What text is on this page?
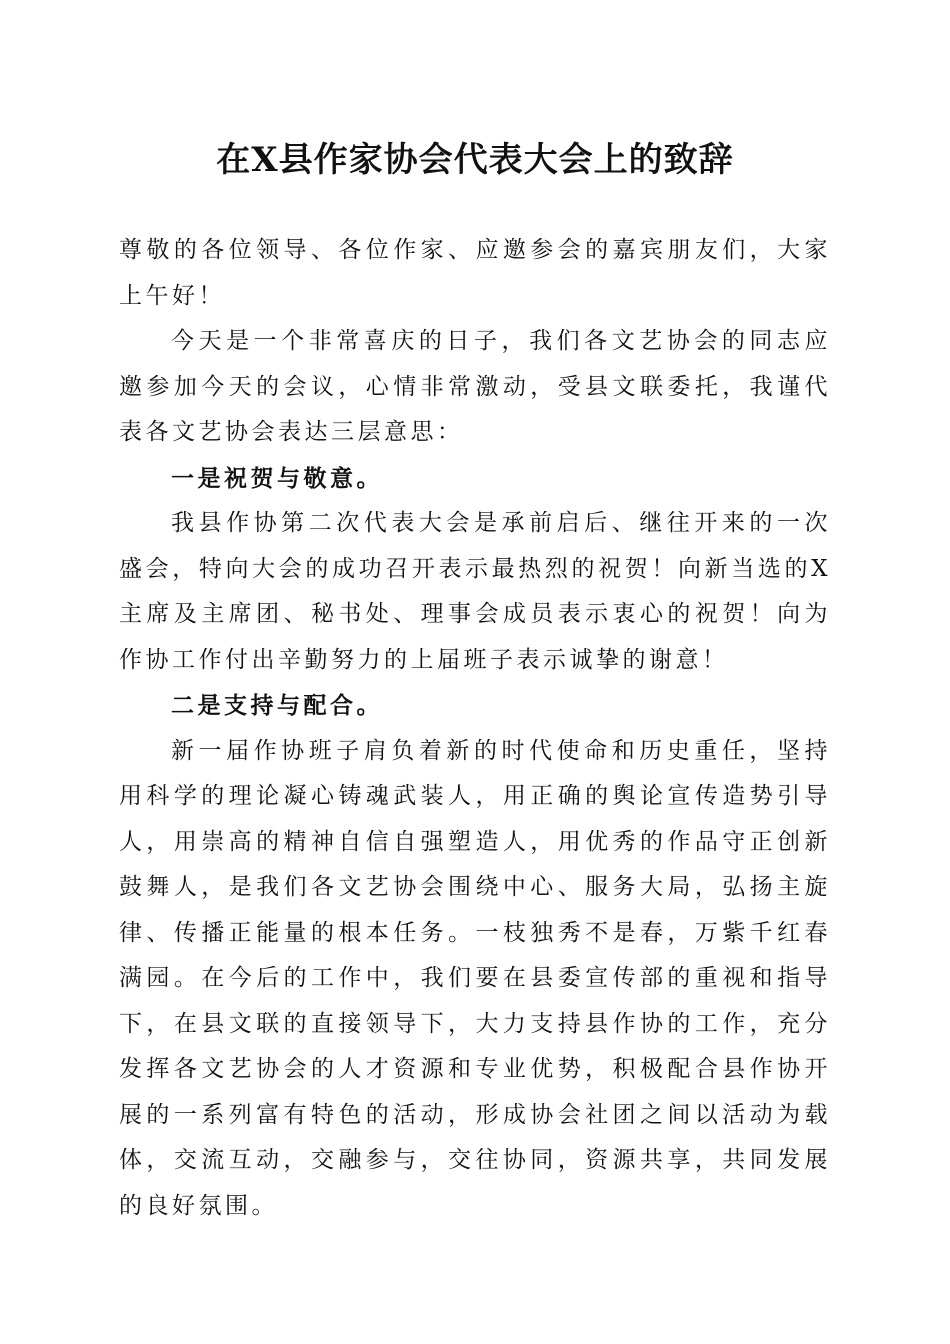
在X县作家协会代表大会上的致辞

尊敬的各位领导、各位作家、应邀参会的嘉宾朋友们，大家上午好！

今天是一个非常喜庆的日子，我们各文艺协会的同志应邀参加今天的会议，心情非常激动，受县文联委托，我谨代表各文艺协会表达三层意思：

一是祝贺与敬意。

我县作协第二次代表大会是承前启后、继往开来的一次盛会，特向大会的成功召开表示最热烈的祝贺！向新当选的X主席及主席团、秘书处、理事会成员表示衷心的祝贺！向为作协工作付出辛勤努力的上届班子表示诚挚的谢意！

二是支持与配合。

新一届作协班子肩负着新的时代使命和历史重任，坚持用科学的理论凝心铸魂武装人，用正确的舆论宣传造势引导人，用崇高的精神自信自强塑造人，用优秀的作品守正创新鼓舞人，是我们各文艺协会围绕中心、服务大局，弘扬主旋律、传播正能量的根本任务。一枝独秀不是春，万紫千红春满园。在今后的工作中，我们要在县委宣传部的重视和指导下，在县文联的直接领导下，大力支持县作协的工作，充分发挥各文艺协会的人才资源和专业优势，积极配合县作协开展的一系列富有特色的活动，形成协会社团之间以活动为载体，交流互动，交融参与，交往协同，资源共享，共同发展的良好氛围。
